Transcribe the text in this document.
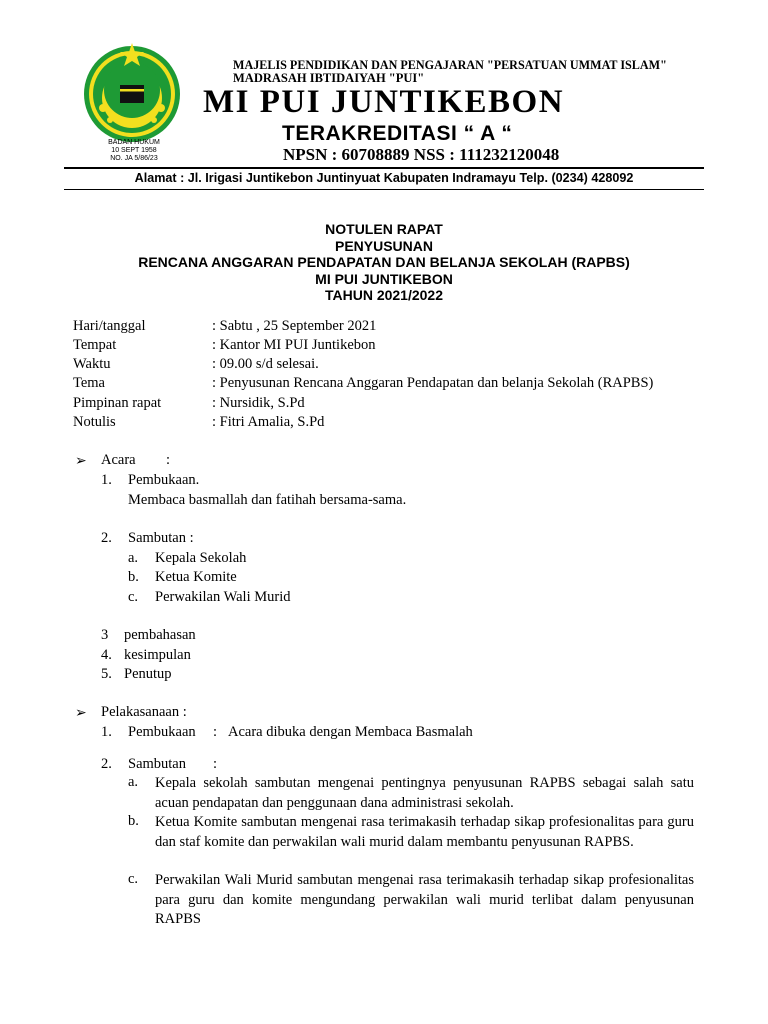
BADAN HUKUM
10 SEPT 1958
NO. JA 5/86/23
MAJELIS PENDIDIKAN DAN PENGAJARAN "PERSATUAN UMMAT ISLAM"
MADRASAH IBTIDAIYAH "PUI"
MI PUI JUNTIKEBON
TERAKREDITASI “ A “
NPSN : 60708889 NSS : 111232120048
Alamat : Jl. Irigasi Juntikebon Juntinyuat Kabupaten Indramayu Telp. (0234) 428092
NOTULEN RAPAT
PENYUSUNAN
RENCANA ANGGARAN PENDAPATAN DAN BELANJA SEKOLAH (RAPBS)
MI PUI JUNTIKEBON
TAHUN 2021/2022
Hari/tanggal	: Sabtu , 25 September 2021
Tempat	: Kantor MI PUI Juntikebon
Waktu	: 09.00 s/d selesai.
Tema	: Penyusunan Rencana Anggaran Pendapatan dan belanja Sekolah (RAPBS)
Pimpinan rapat	: Nursidik, S.Pd
Notulis	: Fitri Amalia, S.Pd
➢ Acara :
1. Pembukaan.
Membaca basmallah dan fatihah bersama-sama.
2. Sambutan :
a. Kepala Sekolah
b. Ketua Komite
c. Perwakilan Wali Murid
3 pembahasan
4. kesimpulan
5. Penutup
➢ Pelakasanaan :
1. Pembukaan : Acara dibuka dengan Membaca Basmalah
2. Sambutan :
a. Kepala sekolah sambutan mengenai pentingnya penyusunan RAPBS sebagai salah satu acuan pendapatan dan penggunaan dana administrasi sekolah.
b. Ketua Komite sambutan mengenai rasa terimakasih terhadap sikap profesionalitas para guru dan staf komite dan perwakilan wali murid dalam membantu penyusunan RAPBS.
c. Perwakilan Wali Murid sambutan mengenai rasa terimakasih terhadap sikap profesionalitas para guru dan komite mengundang perwakilan wali murid terlibat dalam penyusunan RAPBS
